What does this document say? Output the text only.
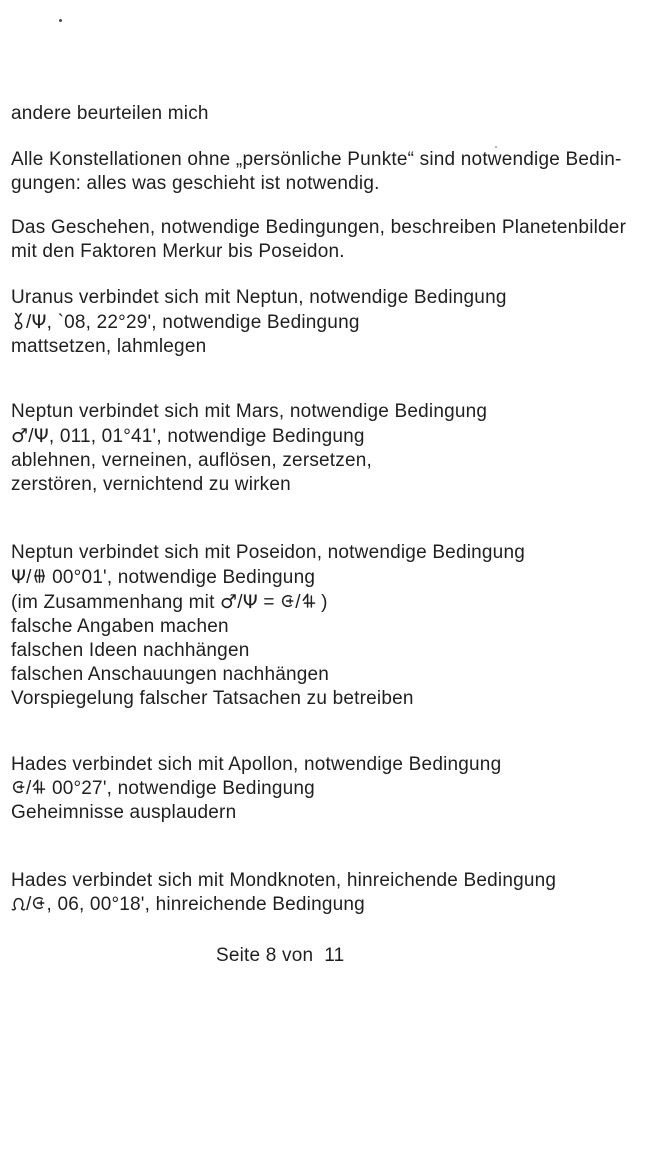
andere beurteilen mich
Alle Konstellationen ohne „persönliche Punkte“ sind notwendige Bedin-
gungen: alles was geschieht ist notwendig.
Das Geschehen, notwendige Bedingungen, beschreiben Planetenbilder
mit den Faktoren Merkur bis Poseidon.
Uranus verbindet sich mit Neptun, notwendige Bedingung
/Ψ, `08, 22°29', notwendige Bedingung
mattsetzen, lahmlegen
Neptun verbindet sich mit Mars, notwendige Bedingung
♂/Ψ, 011, 01°41', notwendige Bedingung
ablehnen, verneinen, auflösen, zersetzen,
zerstören, vernichtend zu wirken
Neptun verbindet sich mit Poseidon, notwendige Bedingung
Ψ/ 00°01', notwendige Bedingung
(im Zusammenhang mit ♂/Ψ = / )
falsche Angaben machen
falschen Ideen nachhängen
falschen Anschauungen nachhängen
Vorspiegelung falscher Tatsachen zu betreiben
Hades verbindet sich mit Apollon, notwendige Bedingung
/ 00°27', notwendige Bedingung
Geheimnisse ausplaudern
Hades verbindet sich mit Mondknoten, hinreichende Bedingung
/ , 06, 00°18', hinreichende Bedingung
Seite 8 von  11
